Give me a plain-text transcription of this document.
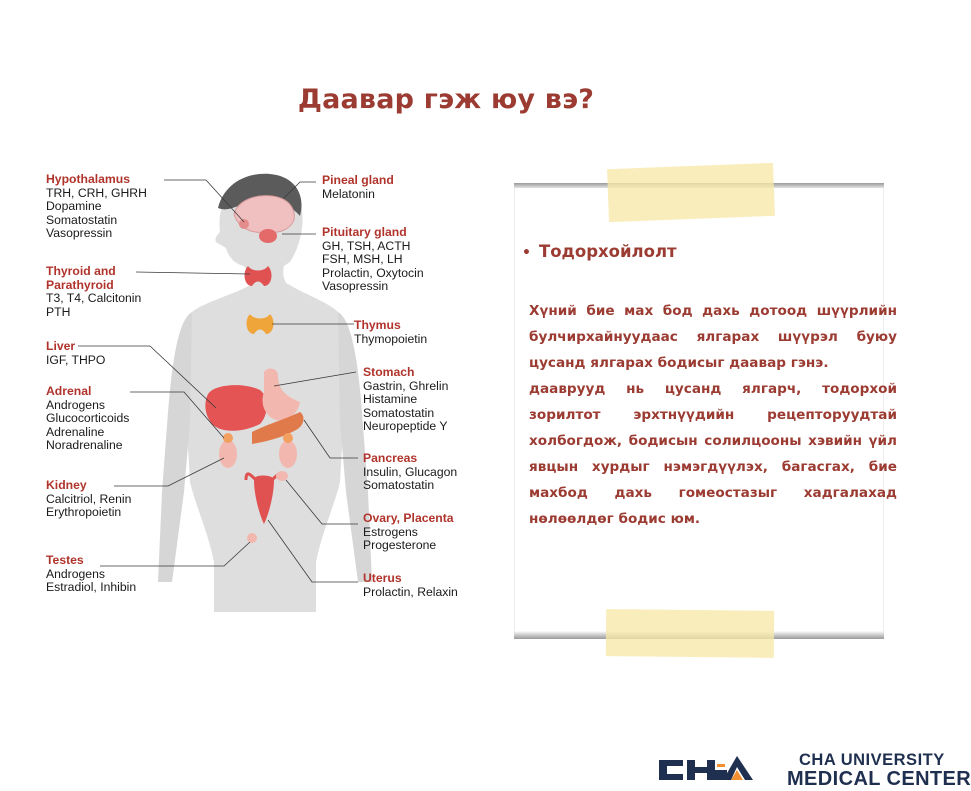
Даавар гэж юу вэ?
Hypothalamus
TRH, CRH, GHRH
Dopamine
Somatostatin
Vasopressin
Thyroid and
Parathyroid
T3, T4, Calcitonin
PTH
Liver
IGF, THPO
Adrenal
Androgens
Glucocorticoids
Adrenaline
Noradrenaline
Kidney
Calcitriol, Renin
Erythropoietin
Testes
Androgens
Estradiol, Inhibin
Pineal gland
Melatonin
Pituitary gland
GH, TSH, ACTH
FSH, MSH, LH
Prolactin, Oxytocin
Vasopressin
Thymus
Thymopoietin
Stomach
Gastrin, Ghrelin
Histamine
Somatostatin
Neuropeptide Y
Pancreas
Insulin, Glucagon
Somatostatin
Ovary, Placenta
Estrogens
Progesterone
Uterus
Prolactin, Relaxin
• Тодорхойлолт

Хүний бие мах бод дахь дотоод шүүрлийн булчирхайнуудаас ялгарах шүүрэл буюу цусанд ялгарах бодисыг даавар гэнэ.

дааврууд нь цусанд ялгарч, тодорхой зорилтот эрхтнүүдийн рецепторуудтай холбогдож, бодисын солилцооны хэвийн үйл явцын хурдыг нэмэгдүүлэх, багасгах, бие махбод дахь гомеостазыг хадгалахад нөлөөлдөг бодис юм.

CHA UNIVERSITY
MEDICAL CENTER
